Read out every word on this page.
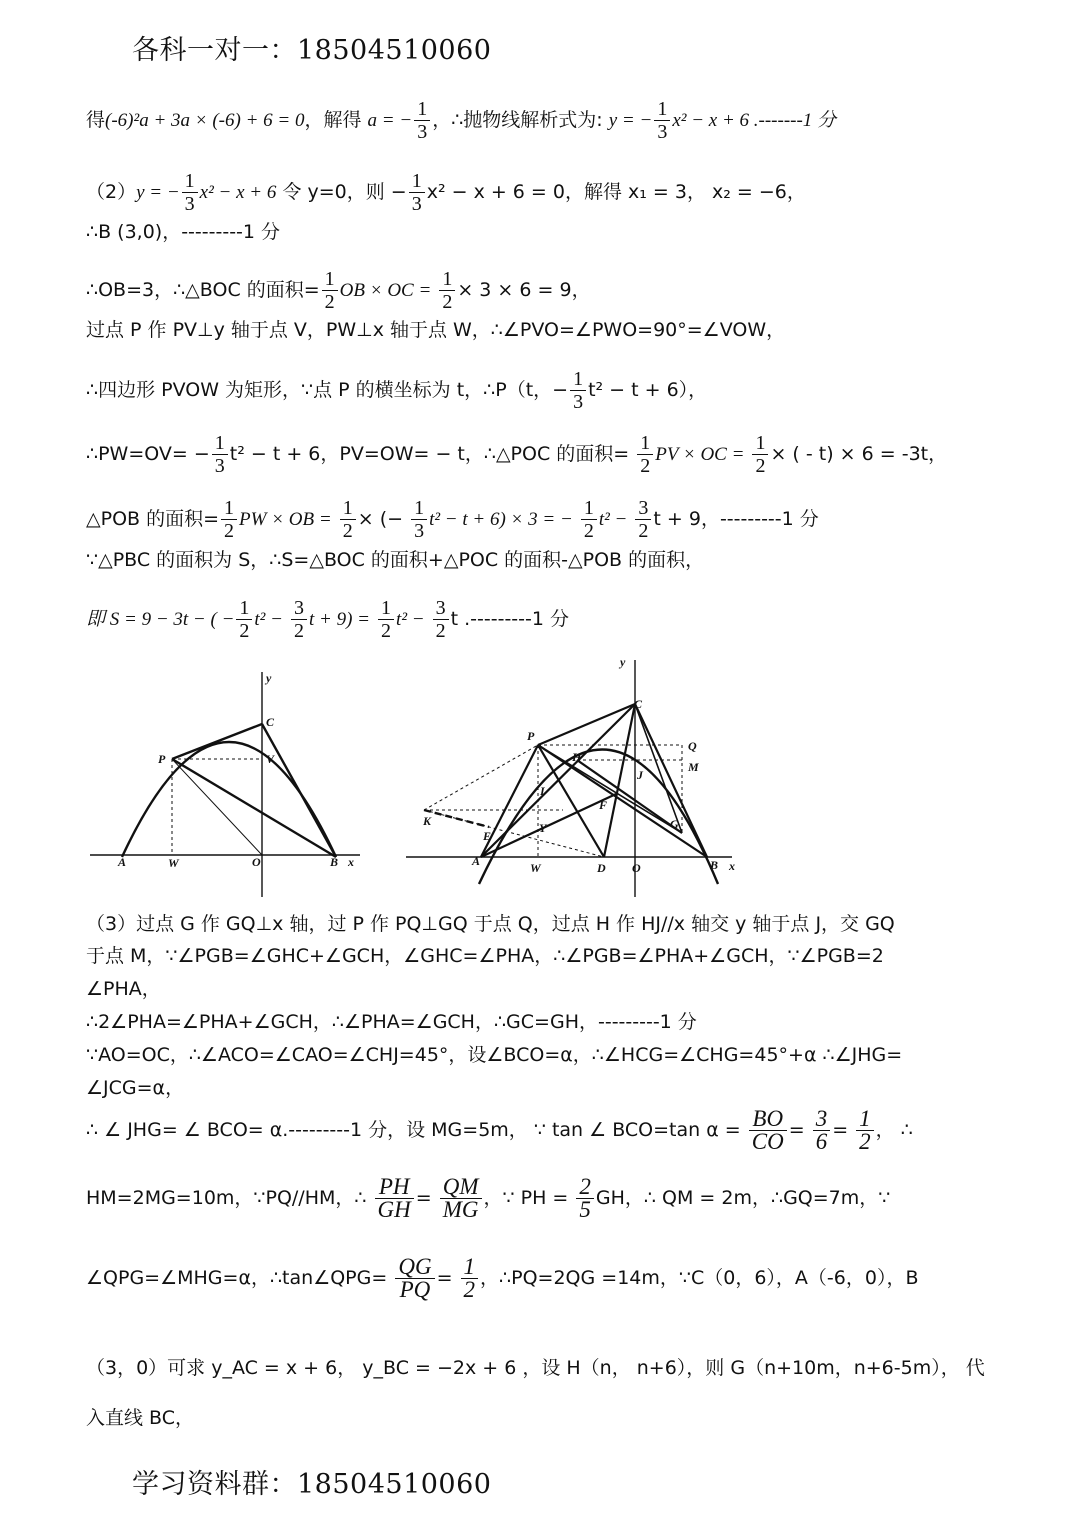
各科一对一：18504510060
得(-6)²a + 3a × (-6) + 6 = 0，解得 a = − $\frac{1}{3}$ ，∴抛物线解析式为: y = − $\frac{1}{3} x^2 - x + 6$ .-------1 分
（2）y = − $\frac{1}{3} x^2 - x + 6$ 令 y=0，则 − $\frac{1}{3} x^2 - x + 6 = 0$，解得 x₁ = 3， x₂ = −6，
∴B (3,0)，---------1 分
∴OB=3，∴△BOC 的面积= $\frac{1}{2}$ OB × OC = $\frac{1}{2} \times 3 \times 6 = 9$，
过点 P 作 PV⊥y 轴于点 V，PW⊥x 轴于点 W，∴∠PVO=∠PWO=90°=∠VOW，
∴四边形 PVOW 为矩形，∵点 P 的横坐标为 t，∴P（t，− $\frac{1}{3} t^2 - t + 6$），
∴PW=OV= − $\frac{1}{3} t^2 - t + 6$，PV=OW= − t，∴△POC 的面积= $\frac{1}{2}$ PV × OC = $\frac{1}{2}$ × ( - t) × 6 = -3t，
△POB 的面积= $\frac{1}{2}$ PW × OB = $\frac{1}{2}$ × (− $\frac{1}{3} t^2 - t + 6) \times 3$ = − $\frac{1}{2} t^2 - \frac{3}{2}$ t + 9，---------1 分
∵△PBC 的面积为 S，∴S=△BOC 的面积+△POC 的面积-△POB 的面积，
即 S = 9 − 3t − ( − $\frac{1}{2} t^2 - \frac{3}{2}$ $t + 9) = \frac{1}{2} t^2 - \frac{3}{2}$ t .---------1 分
（3）过点 G 作 GQ⊥x 轴，过 P 作 PQ⊥GQ 于点 Q，过点 H 作 HJ//x 轴交 y 轴于点 J，交 GQ
于点 M，∵∠PGB=∠GHC+∠GCH，∠GHC=∠PHA，∴∠PGB=∠PHA+∠GCH，∵∠PGB=2
∠PHA，
∴2∠PHA=∠PHA+∠GCH，∴∠PHA=∠GCH，∴GC=GH，---------1 分
∵AO=OC，∴∠ACO=∠CAO=∠CHJ=45°，设∠BCO=α，∴∠HCG=∠CHG=45°+α ∴∠JHG=
∠JCG=α，
∴ ∠ JHG= ∠ BCO= α.---------1 分，设 MG=5m， ∵ tan ∠ BCO=tan $\alpha = \frac{BO}{CO} = \frac{3}{6} = \frac{1}{2}$ ， ∴
HM=2MG=10m，∵PQ//HM，∴ $\frac{PH}{GH} = \frac{QM}{MG}$ ，∵ PH = $\frac{2}{5}$ GH，∴ QM = 2m，∴GQ=7m，∵
∠QPG=∠MHG=α，∴tan∠QPG= $\frac{QG}{PQ} = \frac{1}{2}$ ，∴PQ=2QG =14m，∵C（0，6），A（-6，0），B
（3，0）可求 y_AC = x + 6， y_BC = −2x + 6 ，设 H（n， n+6），则 G（n+10m，n+6-5m）， 代
入直线 BC，
y
x
C
P	V
A	W	O	B
y
x
C
P
Q
H
M
J
F
I
K
E
Y	G
A	W	D O	B
学习资料群：18504510060
